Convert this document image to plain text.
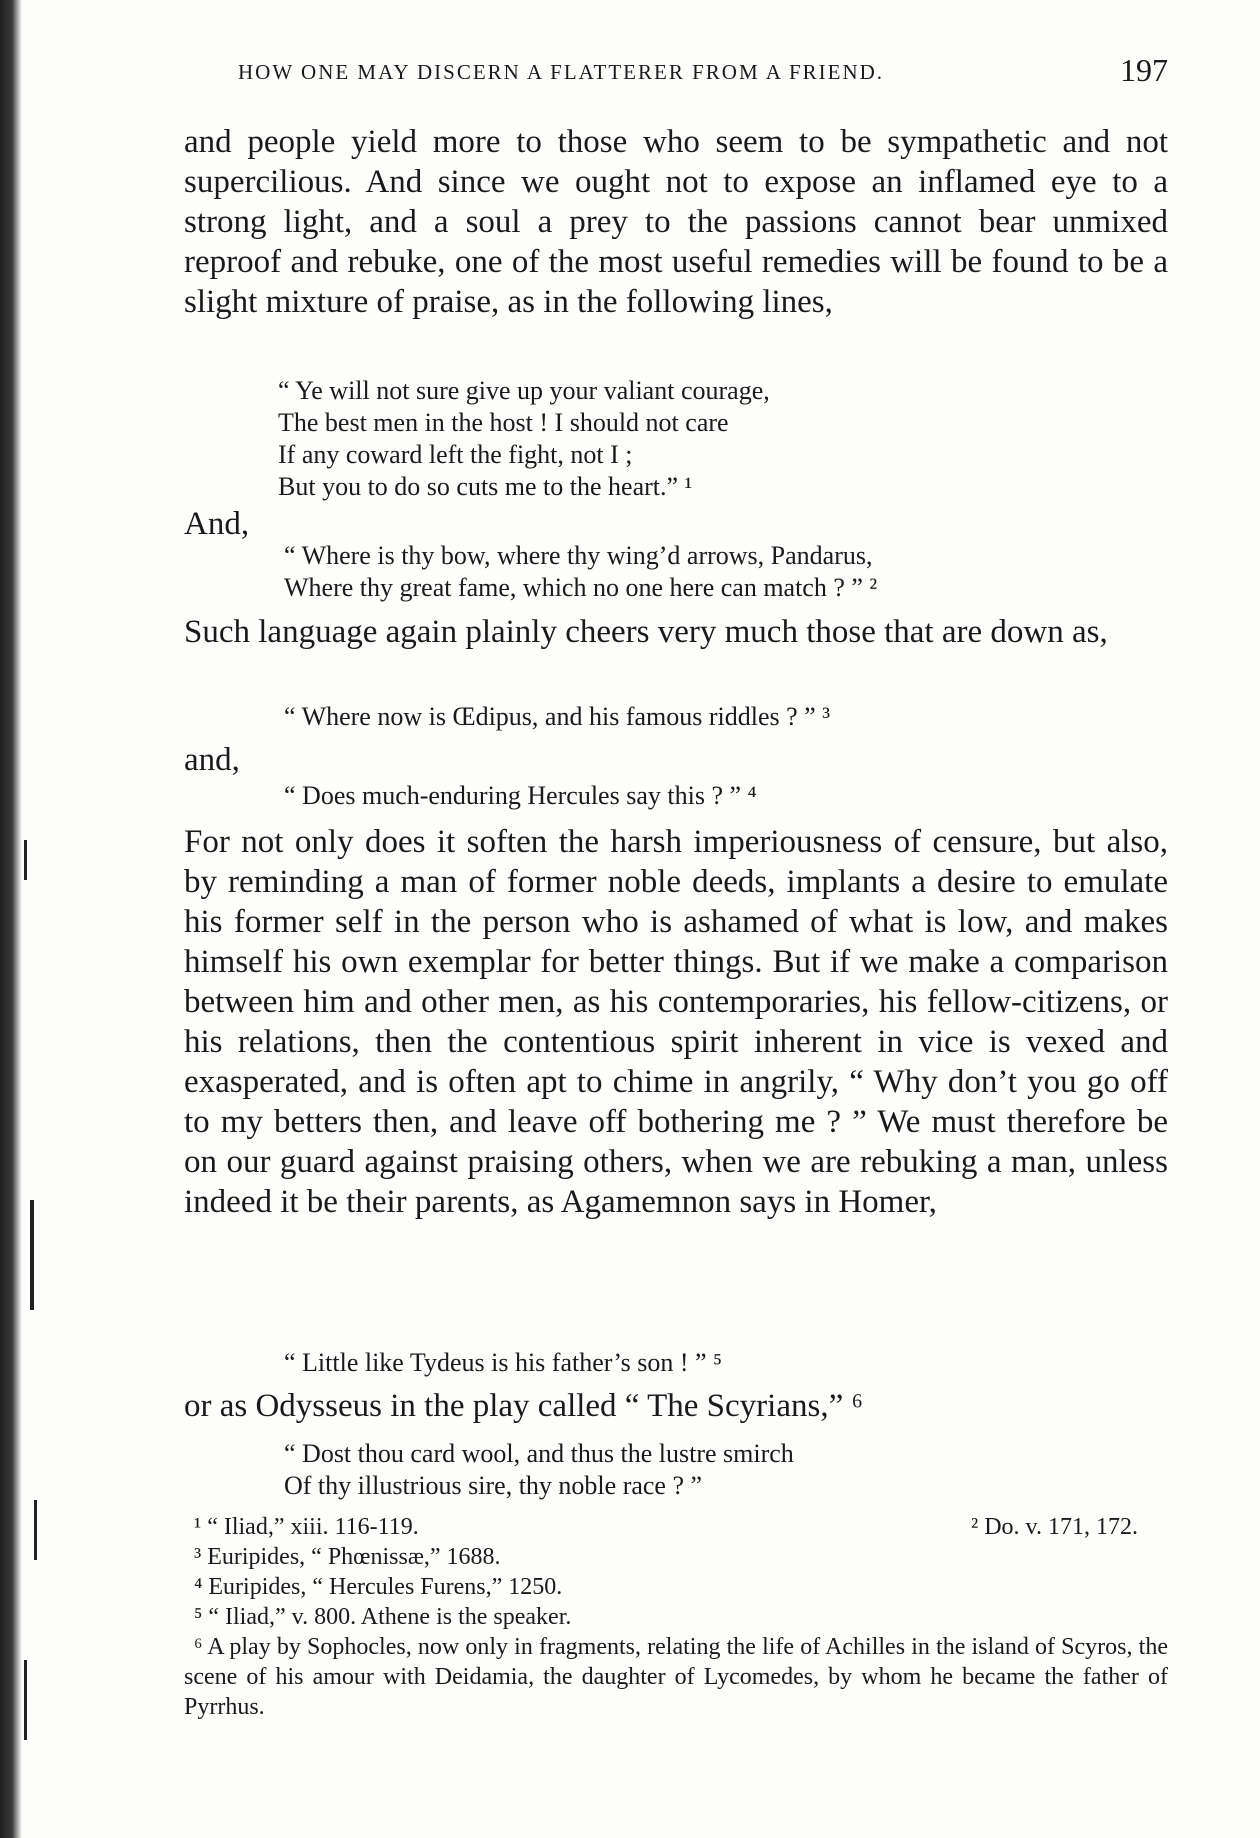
HOW ONE MAY DISCERN A FLATTERER FROM A FRIEND.	197

and people yield more to those who seem to be sympathetic and not supercilious. And since we ought not to expose an inflamed eye to a strong light, and a soul a prey to the passions cannot bear unmixed reproof and rebuke, one of the most useful remedies will be found to be a slight mixture of praise, as in the following lines,

“ Ye will not sure give up your valiant courage,
The best men in the host ! I should not care
If any coward left the fight, not I ;
But you to do so cuts me to the heart.” ¹

And,

“ Where is thy bow, where thy wing’d arrows, Pandarus,
Where thy great fame, which no one here can match ? ” ²

Such language again plainly cheers very much those that are down as,

“ Where now is Œdipus, and his famous riddles ? ” ³

and,

“ Does much-enduring Hercules say this ? ” ⁴

For not only does it soften the harsh imperiousness of censure, but also, by reminding a man of former noble deeds, implants a desire to emulate his former self in the person who is ashamed of what is low, and makes himself his own exemplar for better things. But if we make a comparison between him and other men, as his contemporaries, his fellow-citizens, or his relations, then the contentious spirit inherent in vice is vexed and exasperated, and is often apt to chime in angrily, “ Why don’t you go off to my betters then, and leave off bothering me ? ” We must therefore be on our guard against praising others, when we are rebuking a man, unless indeed it be their parents, as Agamemnon says in Homer,

“ Little like Tydeus is his father’s son ! ” ⁵

or as Odysseus in the play called “ The Scyrians,” ⁶

“ Dost thou card wool, and thus the lustre smirch
Of thy illustrious sire, thy noble race ? ”
¹ “ Iliad,” xiii. 116-119.	² Do. v. 171, 172.
³ Euripides, “ Phœnissæ,” 1688.
⁴ Euripides, “ Hercules Furens,” 1250.
⁵ “ Iliad,” v. 800. Athene is the speaker.
⁶ A play by Sophocles, now only in fragments, relating the life of Achilles in the island of Scyros, the scene of his amour with Deidamia, the daughter of Lycomedes, by whom he became the father of Pyrrhus.
